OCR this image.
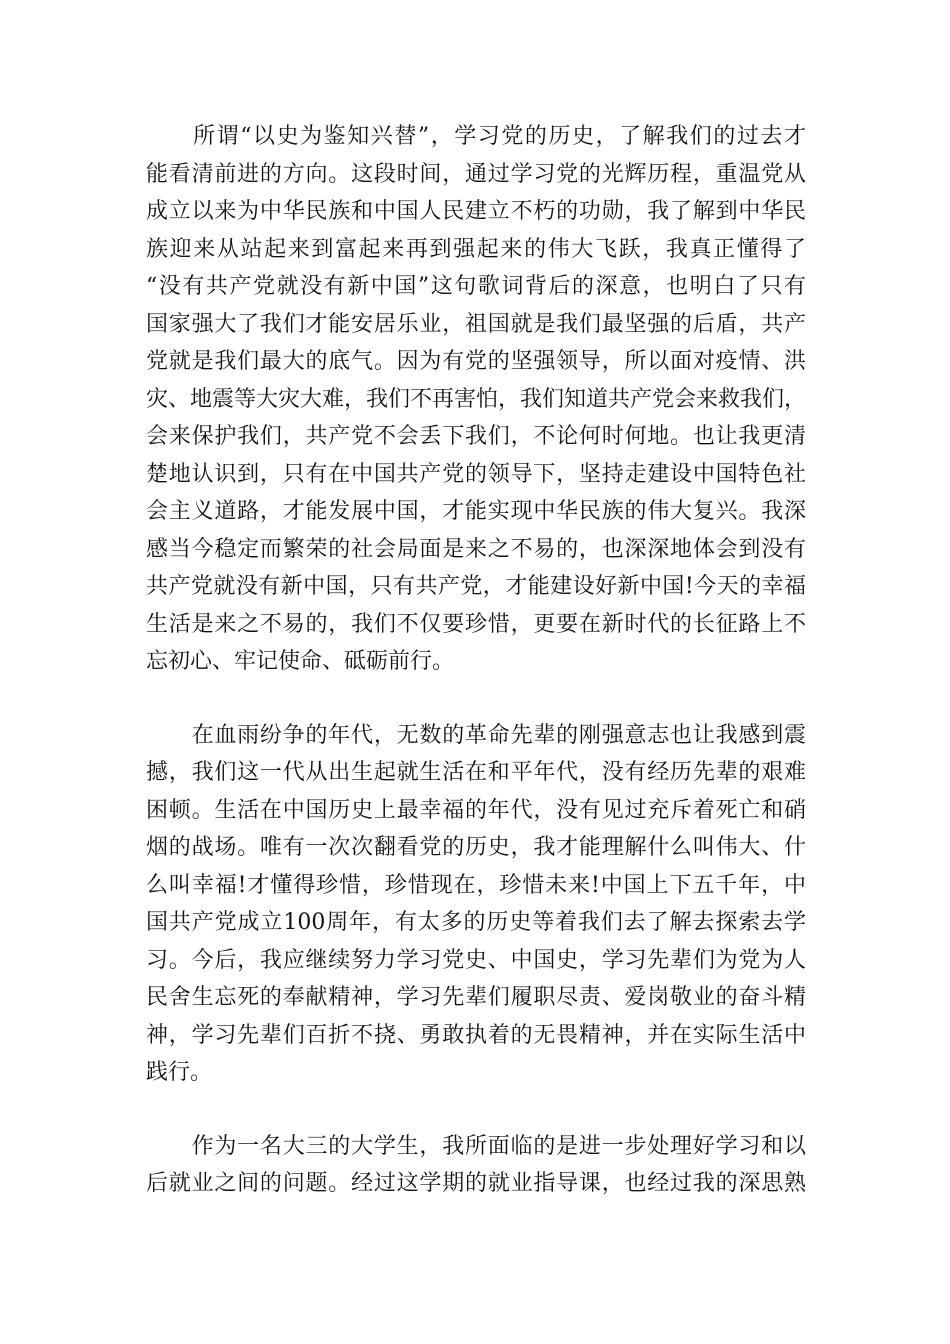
　　所谓“以史为鉴知兴替”，学习党的历史，了解我们的过去才
能看清前进的方向。这段时间，通过学习党的光辉历程，重温党从
成立以来为中华民族和中国人民建立不朽的功勋，我了解到中华民
族迎来从站起来到富起来再到强起来的伟大飞跃，我真正懂得了
“没有共产党就没有新中国”这句歌词背后的深意，也明白了只有
国家强大了我们才能安居乐业，祖国就是我们最坚强的后盾，共产
党就是我们最大的底气。因为有党的坚强领导，所以面对疫情、洪
灾、地震等大灾大难，我们不再害怕，我们知道共产党会来救我们，
会来保护我们，共产党不会丢下我们，不论何时何地。也让我更清
楚地认识到，只有在中国共产党的领导下，坚持走建设中国特色社
会主义道路，才能发展中国，才能实现中华民族的伟大复兴。我深
感当今稳定而繁荣的社会局面是来之不易的，也深深地体会到没有
共产党就没有新中国，只有共产党，才能建设好新中国!今天的幸福
生活是来之不易的，我们不仅要珍惜，更要在新时代的长征路上不
忘初心、牢记使命、砥砺前行。
　　在血雨纷争的年代，无数的革命先辈的刚强意志也让我感到震
撼，我们这一代从出生起就生活在和平年代，没有经历先辈的艰难
困顿。生活在中国历史上最幸福的年代，没有见过充斥着死亡和硝
烟的战场。唯有一次次翻看党的历史，我才能理解什么叫伟大、什
么叫幸福!才懂得珍惜，珍惜现在，珍惜未来!中国上下五千年，中
国共产党成立100周年，有太多的历史等着我们去了解去探索去学
习。今后，我应继续努力学习党史、中国史，学习先辈们为党为人
民舍生忘死的奉献精神，学习先辈们履职尽责、爱岗敬业的奋斗精
神，学习先辈们百折不挠、勇敢执着的无畏精神，并在实际生活中
践行。
　　作为一名大三的大学生，我所面临的是进一步处理好学习和以
后就业之间的问题。经过这学期的就业指导课，也经过我的深思熟
